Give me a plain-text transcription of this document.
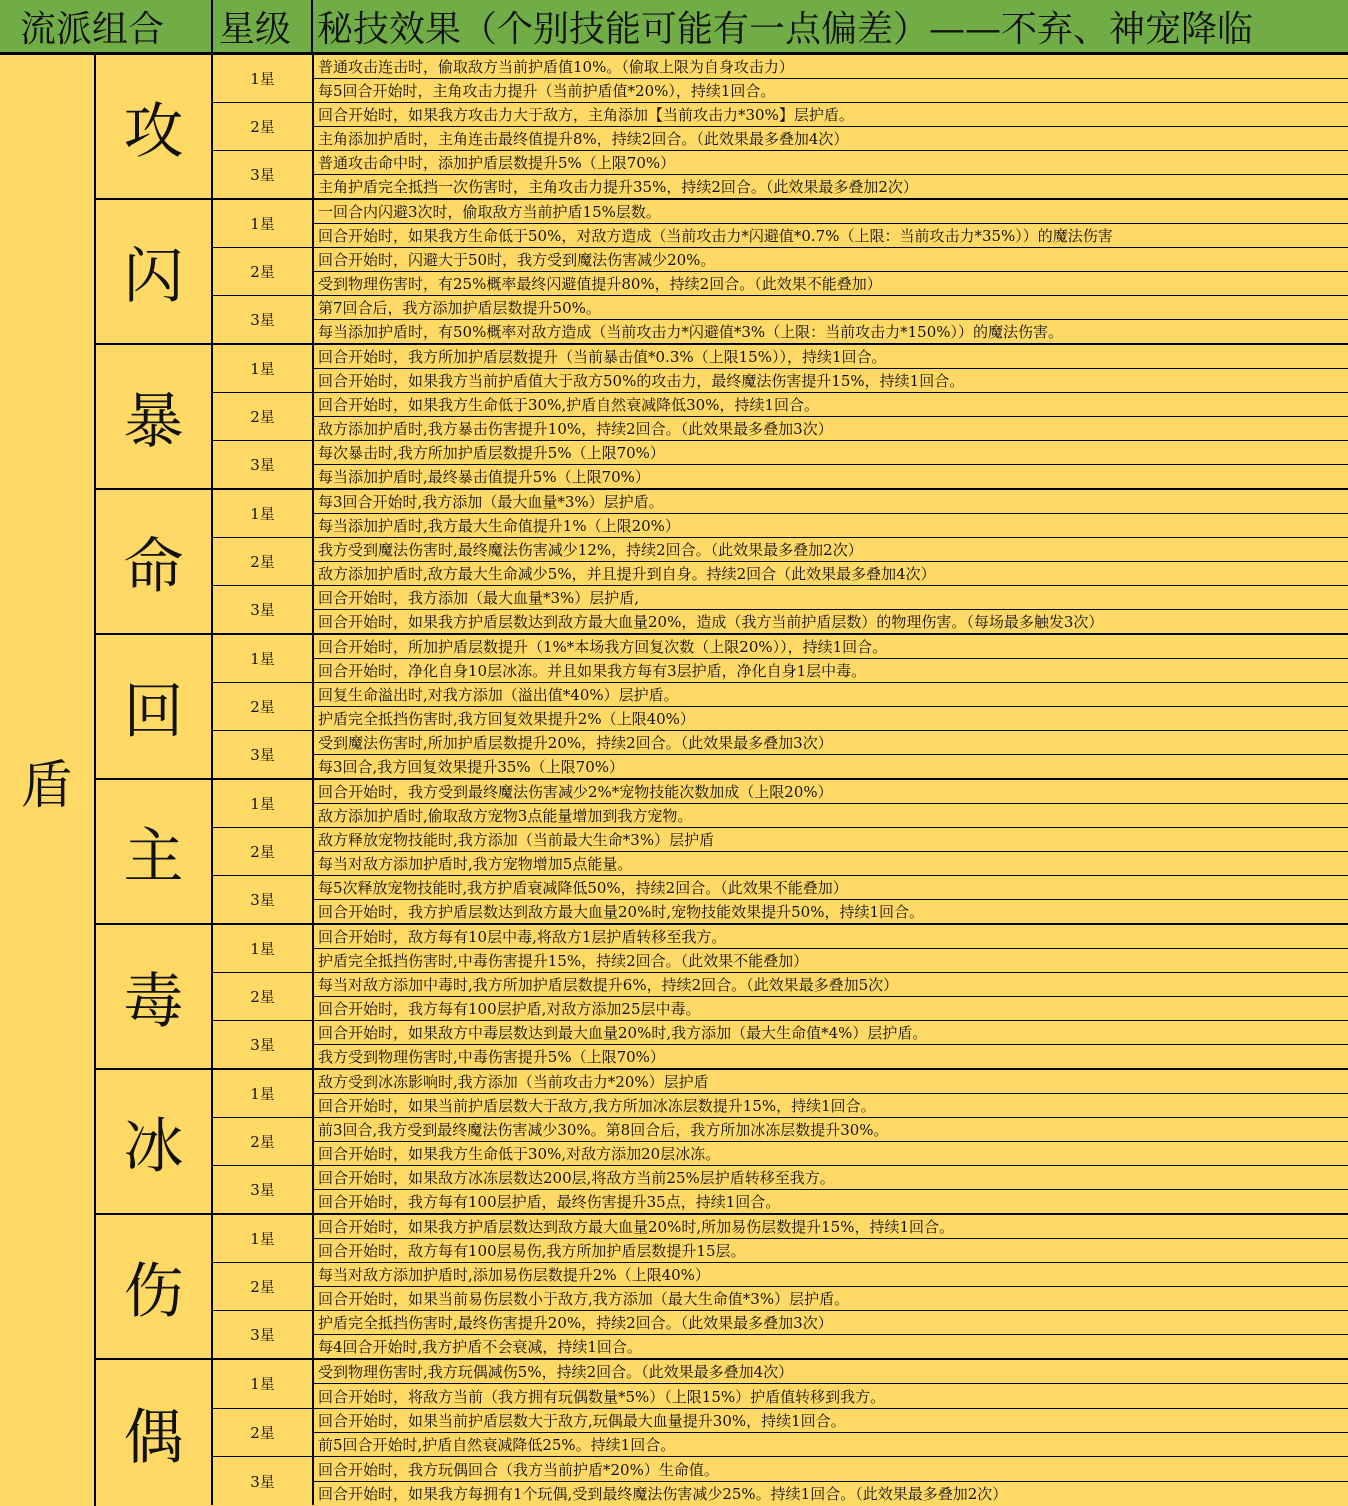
流派组合	星级 秘技效果（个别技能可能有一点偏差）——不弃、神宠降临
盾
攻
1星
普通攻击连击时，偷取敌方当前护盾值10%。（偷取上限为自身攻击力）
每5回合开始时，主角攻击力提升（当前护盾值*20%），持续1回合。
2星
回合开始时，如果我方攻击力大于敌方，主角添加【当前攻击力*30%】层护盾。
主角添加护盾时，主角连击最终值提升8%，持续2回合。（此效果最多叠加4次）
3星
普通攻击命中时，添加护盾层数提升5%（上限70%）
主角护盾完全抵挡一次伤害时，主角攻击力提升35%，持续2回合。（此效果最多叠加2次）
闪
1星
一回合内闪避3次时，偷取敌方当前护盾15%层数。
回合开始时，如果我方生命低于50%，对敌方造成（当前攻击力*闪避值*0.7%（上限：当前攻击力*35%））的魔法伤害
2星
回合开始时，闪避大于50时，我方受到魔法伤害减少20%。
受到物理伤害时，有25%概率最终闪避值提升80%，持续2回合。（此效果不能叠加）
3星
第7回合后，我方添加护盾层数提升50%。
每当添加护盾时，有50%概率对敌方造成（当前攻击力*闪避值*3%（上限：当前攻击力*150%））的魔法伤害。
暴
1星
回合开始时，我方所加护盾层数提升（当前暴击值*0.3%（上限15%）），持续1回合。
回合开始时，如果我方当前护盾值大于敌方50%的攻击力，最终魔法伤害提升15%，持续1回合。
2星
回合开始时，如果我方生命低于30%,护盾自然衰减降低30%，持续1回合。
敌方添加护盾时,我方暴击伤害提升10%，持续2回合。（此效果最多叠加3次）
3星
每次暴击时,我方所加护盾层数提升5%（上限70%）
每当添加护盾时,最终暴击值提升5%（上限70%）
命
1星
每3回合开始时,我方添加（最大血量*3%）层护盾。
每当添加护盾时,我方最大生命值提升1%（上限20%）
2星
我方受到魔法伤害时,最终魔法伤害减少12%，持续2回合。（此效果最多叠加2次）
敌方添加护盾时,敌方最大生命减少5%，并且提升到自身。持续2回合（此效果最多叠加4次）
3星
回合开始时，我方添加（最大血量*3%）层护盾,
回合开始时，如果我方护盾层数达到敌方最大血量20%，造成（我方当前护盾层数）的物理伤害。（每场最多触发3次）
回
1星
回合开始时，所加护盾层数提升（1%*本场我方回复次数（上限20%）），持续1回合。
回合开始时，净化自身10层冰冻。并且如果我方每有3层护盾，净化自身1层中毒。
2星
回复生命溢出时,对我方添加（溢出值*40%）层护盾。
护盾完全抵挡伤害时,我方回复效果提升2%（上限40%）
3星
受到魔法伤害时,所加护盾层数提升20%，持续2回合。（此效果最多叠加3次）
每3回合,我方回复效果提升35%（上限70%）
主
1星
回合开始时，我方受到最终魔法伤害减少2%*宠物技能次数加成（上限20%）
敌方添加护盾时,偷取敌方宠物3点能量增加到我方宠物。
2星
敌方释放宠物技能时,我方添加（当前最大生命*3%）层护盾
每当对敌方添加护盾时,我方宠物增加5点能量。
3星
每5次释放宠物技能时,我方护盾衰减降低50%，持续2回合。（此效果不能叠加）
回合开始时，我方护盾层数达到敌方最大血量20%时,宠物技能效果提升50%，持续1回合。
毒
1星
回合开始时，敌方每有10层中毒,将敌方1层护盾转移至我方。
护盾完全抵挡伤害时,中毒伤害提升15%，持续2回合。（此效果不能叠加）
2星
每当对敌方添加中毒时,我方所加护盾层数提升6%，持续2回合。（此效果最多叠加5次）
回合开始时，我方每有100层护盾,对敌方添加25层中毒。
3星
回合开始时，如果敌方中毒层数达到最大血量20%时,我方添加（最大生命值*4%）层护盾。
我方受到物理伤害时,中毒伤害提升5%（上限70%）
冰
1星
敌方受到冰冻影响时,我方添加（当前攻击力*20%）层护盾
回合开始时，如果当前护盾层数大于敌方,我方所加冰冻层数提升15%，持续1回合。
2星
前3回合,我方受到最终魔法伤害减少30%。第8回合后，我方所加冰冻层数提升30%。
回合开始时，如果我方生命低于30%,对敌方添加20层冰冻。
3星
回合开始时，如果敌方冰冻层数达200层,将敌方当前25%层护盾转移至我方。
回合开始时，我方每有100层护盾，最终伤害提升35点，持续1回合。
伤
1星
回合开始时，如果我方护盾层数达到敌方最大血量20%时,所加易伤层数提升15%，持续1回合。
回合开始时，敌方每有100层易伤,我方所加护盾层数提升15层。
2星
每当对敌方添加护盾时,添加易伤层数提升2%（上限40%）
回合开始时，如果当前易伤层数小于敌方,我方添加（最大生命值*3%）层护盾。
3星
护盾完全抵挡伤害时,最终伤害提升20%，持续2回合。（此效果最多叠加3次）
每4回合开始时,我方护盾不会衰减，持续1回合。
偶
1星
受到物理伤害时,我方玩偶减伤5%，持续2回合。（此效果最多叠加4次）
回合开始时，将敌方当前（我方拥有玩偶数量*5%）（上限15%）护盾值转移到我方。
2星
回合开始时，如果当前护盾层数大于敌方,玩偶最大血量提升30%，持续1回合。
前5回合开始时,护盾自然衰减降低25%。持续1回合。
3星
回合开始时，我方玩偶回合（我方当前护盾*20%）生命值。
回合开始时，如果我方每拥有1个玩偶,受到最终魔法伤害减少25%。持续1回合。（此效果最多叠加2次）
